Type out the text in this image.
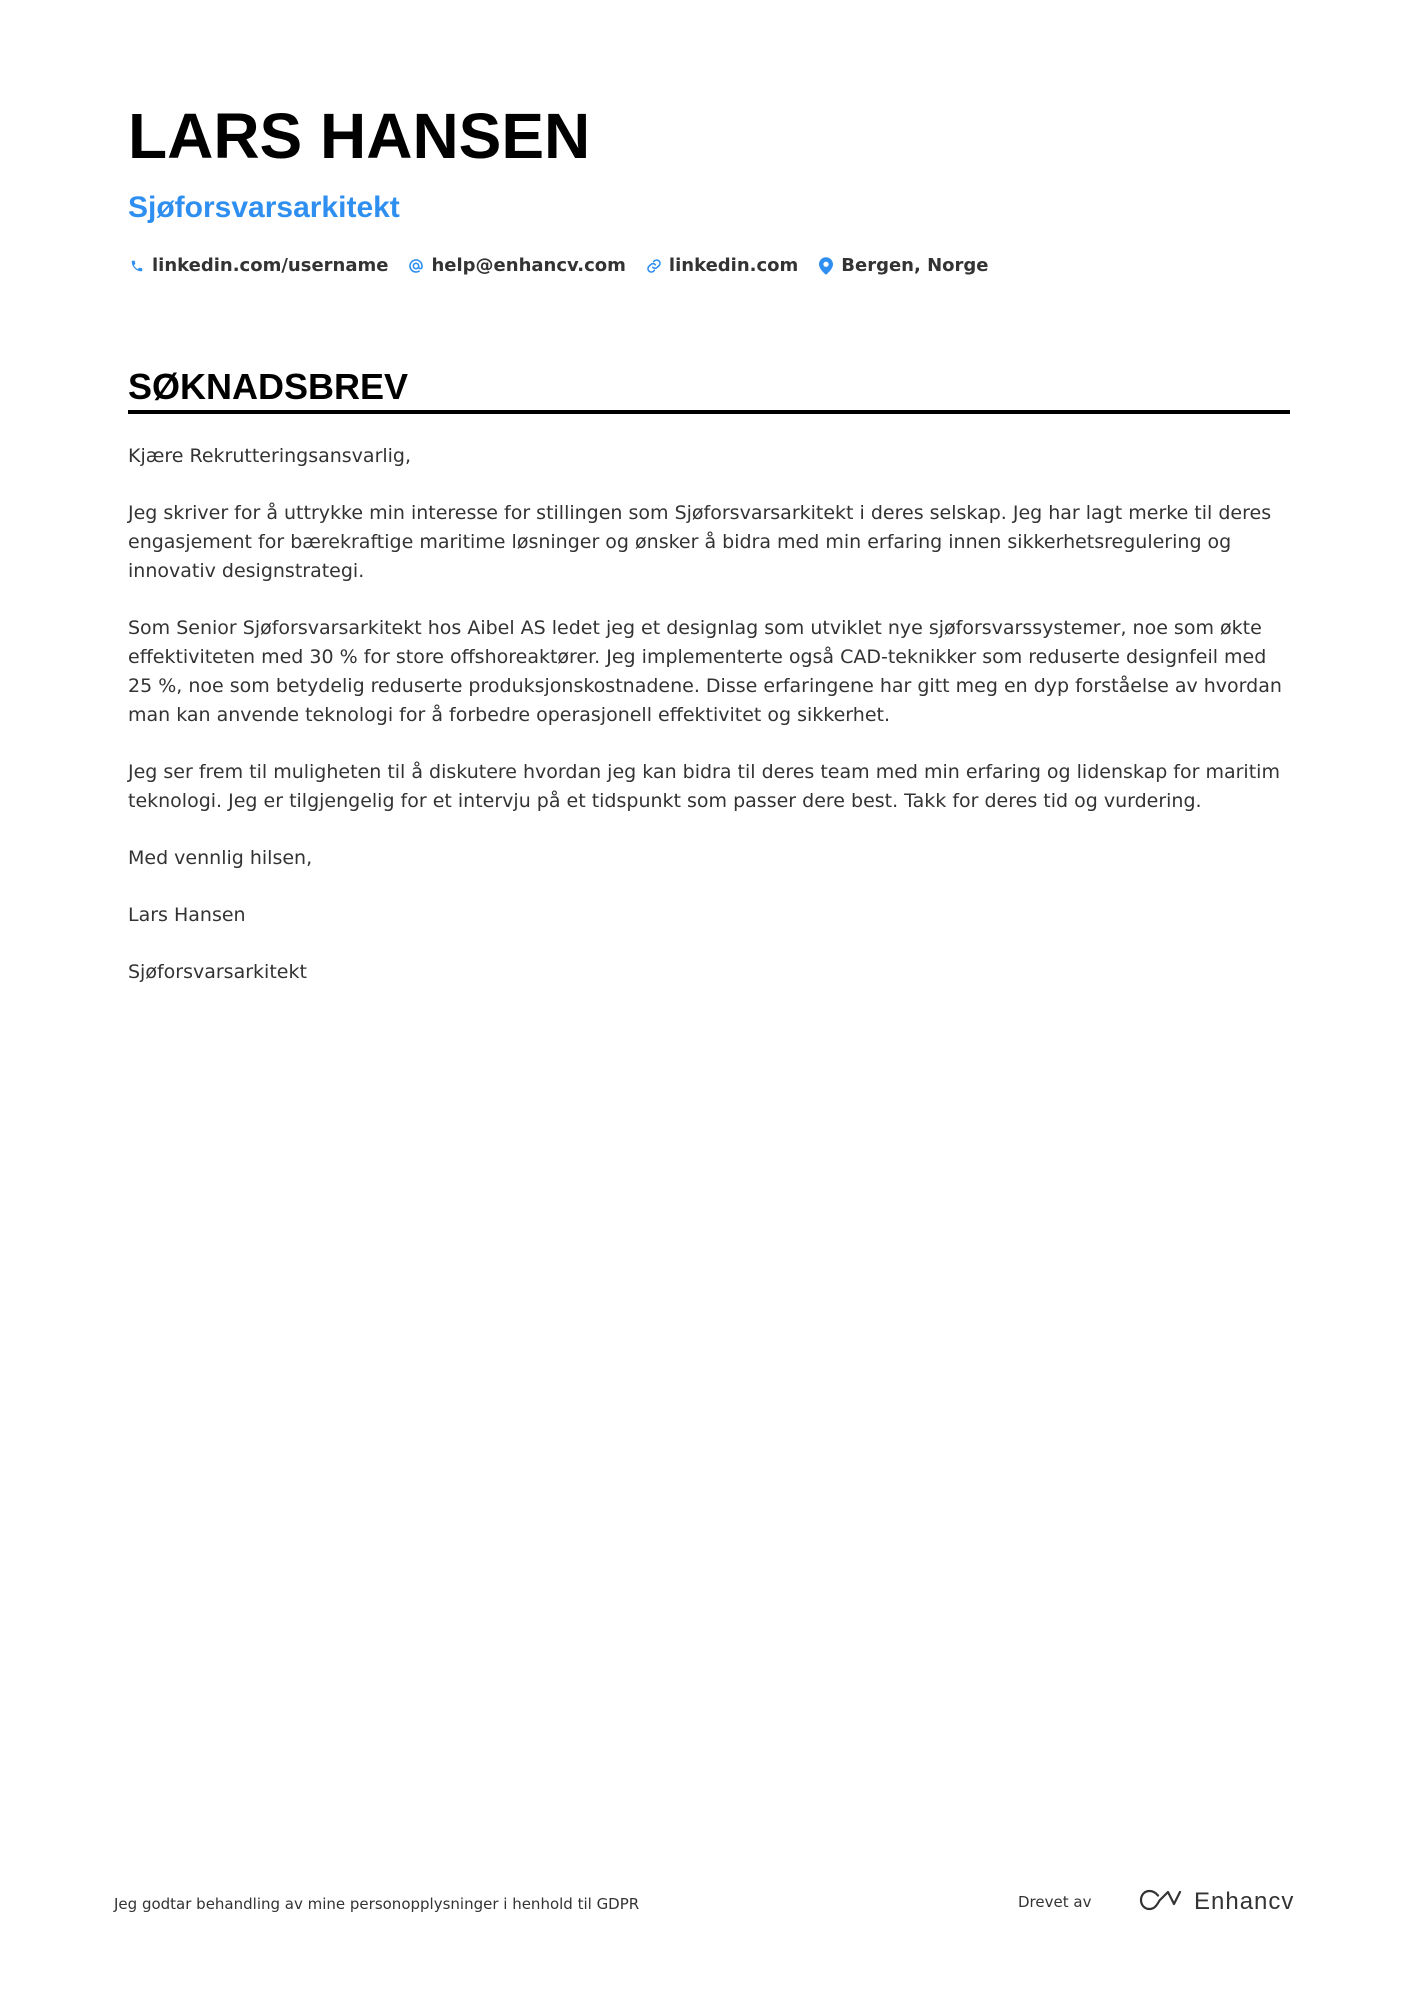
LARS HANSEN
Sjøforsvarsarkitekt
linkedin.com/username help@enhancv.com linkedin.com Bergen, Norge
SØKNADSBREV

Kjære Rekrutteringsansvarlig,

Jeg skriver for å uttrykke min interesse for stillingen som Sjøforsvarsarkitekt i deres selskap. Jeg har lagt merke til deres engasjement for bærekraftige maritime løsninger og ønsker å bidra med min erfaring innen sikkerhetsregulering og innovativ designstrategi.

Som Senior Sjøforsvarsarkitekt hos Aibel AS ledet jeg et designlag som utviklet nye sjøforsvarssystemer, noe som økte effektiviteten med 30 % for store offshoreaktører. Jeg implementerte også CAD-teknikker som reduserte designfeil med 25 %, noe som betydelig reduserte produksjonskostnadene. Disse erfaringene har gitt meg en dyp forståelse av hvordan man kan anvende teknologi for å forbedre operasjonell effektivitet og sikkerhet.

Jeg ser frem til muligheten til å diskutere hvordan jeg kan bidra til deres team med min erfaring og lidenskap for maritim teknologi. Jeg er tilgjengelig for et intervju på et tidspunkt som passer dere best. Takk for deres tid og vurdering.

Med vennlig hilsen,

Lars Hansen

Sjøforsvarsarkitekt

Jeg godtar behandling av mine personopplysninger i henhold til GDPR	Drevet av	Enhancv
